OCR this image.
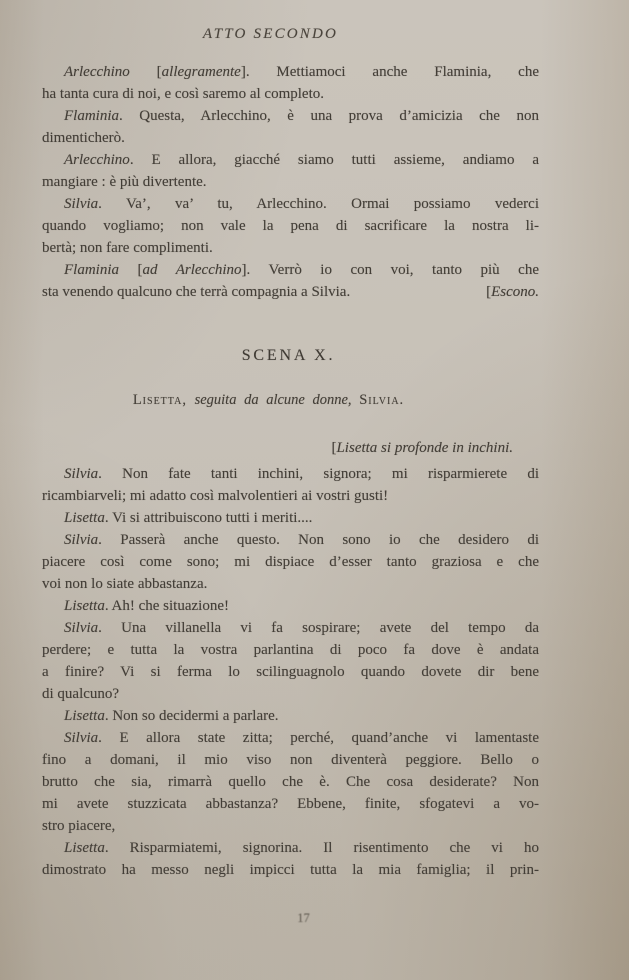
ATTO SECONDO
Arlecchino [allegramente]. Mettiamoci anche Flaminia, che
ha tanta cura di noi, e così saremo al completo.
Flaminia. Questa, Arlecchino, è una prova d’amicizia che non
dimenticherò.
Arlecchino. E allora, giacché siamo tutti assieme, andiamo a
mangiare : è più divertente.
Silvia. Va’, va’ tu, Arlecchino. Ormai possiamo vederci
quando vogliamo; non vale la pena di sacrificare la nostra li-
bertà; non fare complimenti.
Flaminia [ad Arlecchino]. Verrò io con voi, tanto più che
[Escono.
sta venendo qualcuno che terrà compagnia a Silvia.
SCENA X.
Lisetta, seguita da alcune donne, Silvia.
[Lisetta si profonde in inchini.
Silvia. Non fate tanti inchini, signora; mi risparmierete di
ricambiarveli; mi adatto così malvolentieri ai vostri gusti!
Lisetta. Vi si attribuiscono tutti i meriti....
Silvia. Passerà anche questo. Non sono io che desidero di
piacere così come sono; mi dispiace d’esser tanto graziosa e che
voi non lo siate abbastanza.
Lisetta. Ah! che situazione!
Silvia. Una villanella vi fa sospirare; avete del tempo da
perdere; e tutta la vostra parlantina di poco fa dove è andata
a finire? Vi si ferma lo scilinguagnolo quando dovete dir bene
di qualcuno?
Lisetta. Non so decidermi a parlare.
Silvia. E allora state zitta; perché, quand’anche vi lamentaste
fino a domani, il mio viso non diventerà peggiore. Bello o
brutto che sia, rimarrà quello che è. Che cosa desiderate? Non
mi avete stuzzicata abbastanza? Ebbene, finite, sfogatevi a vo-
stro piacere,
Lisetta. Risparmiatemi, signorina. Il risentimento che vi ho
dimostrato ha messo negli impicci tutta la mia famiglia; il prin-
17
